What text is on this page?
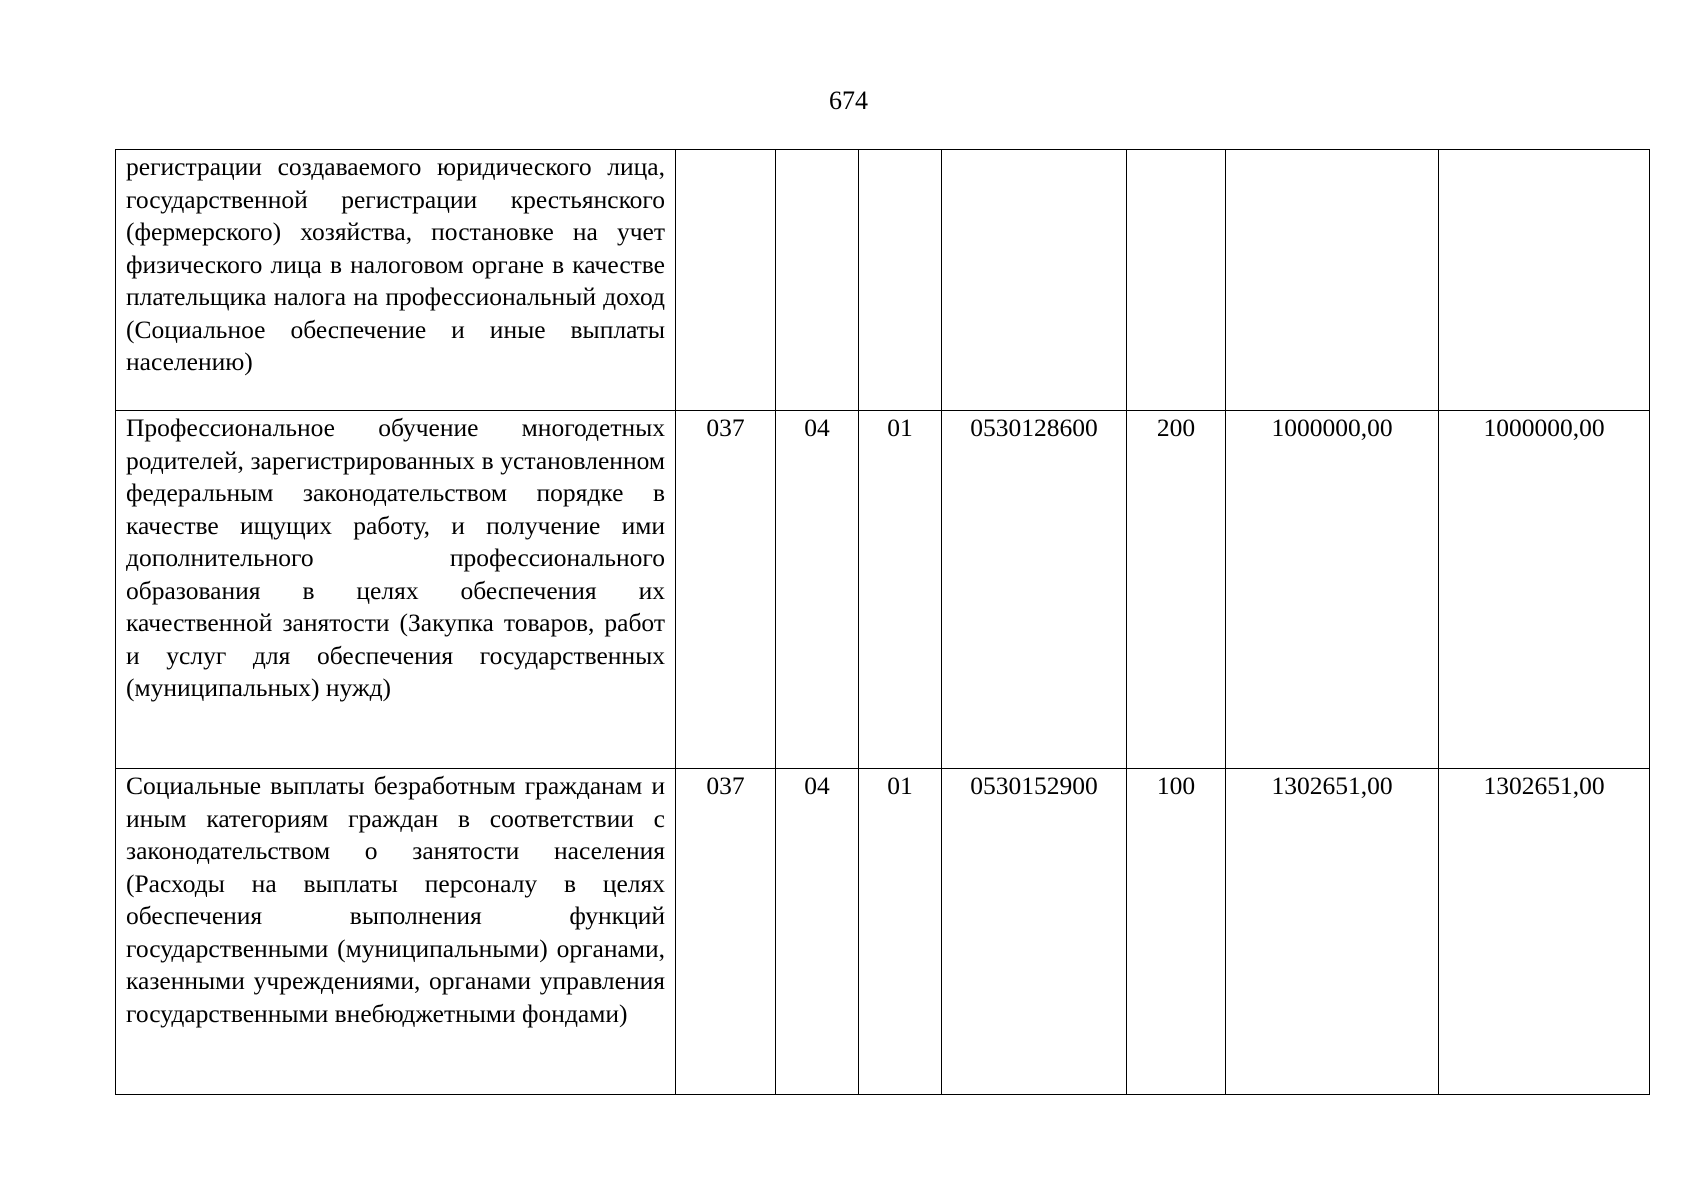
674
регистрации создаваемого юридического лица, государственной регистрации крестьянского (фермерского) хозяйства, постановке на учет физического лица в налоговом органе в качестве плательщика налога на профессиональный доход (Социальное обеспечение и иные выплаты населению)							
Профессиональное обучение многодетных родителей, зарегистрированных в установленном федеральным законодательством порядке в качестве ищущих работу, и получение ими дополнительного профессионального образования в целях обеспечения их качественной занятости (Закупка товаров, работ и услуг для обеспечения государственных (муниципальных) нужд)	037	04	01	0530128600	200	1000000,00	1000000,00
Социальные выплаты безработным гражданам и иным категориям граждан в соответствии с законодательством о занятости населения (Расходы на выплаты персоналу в целях обеспечения выполнения функций государственными (муниципальными) органами, казенными учреждениями, органами управления государственными внебюджетными фондами)	037	04	01	0530152900	100	1302651,00	1302651,00
